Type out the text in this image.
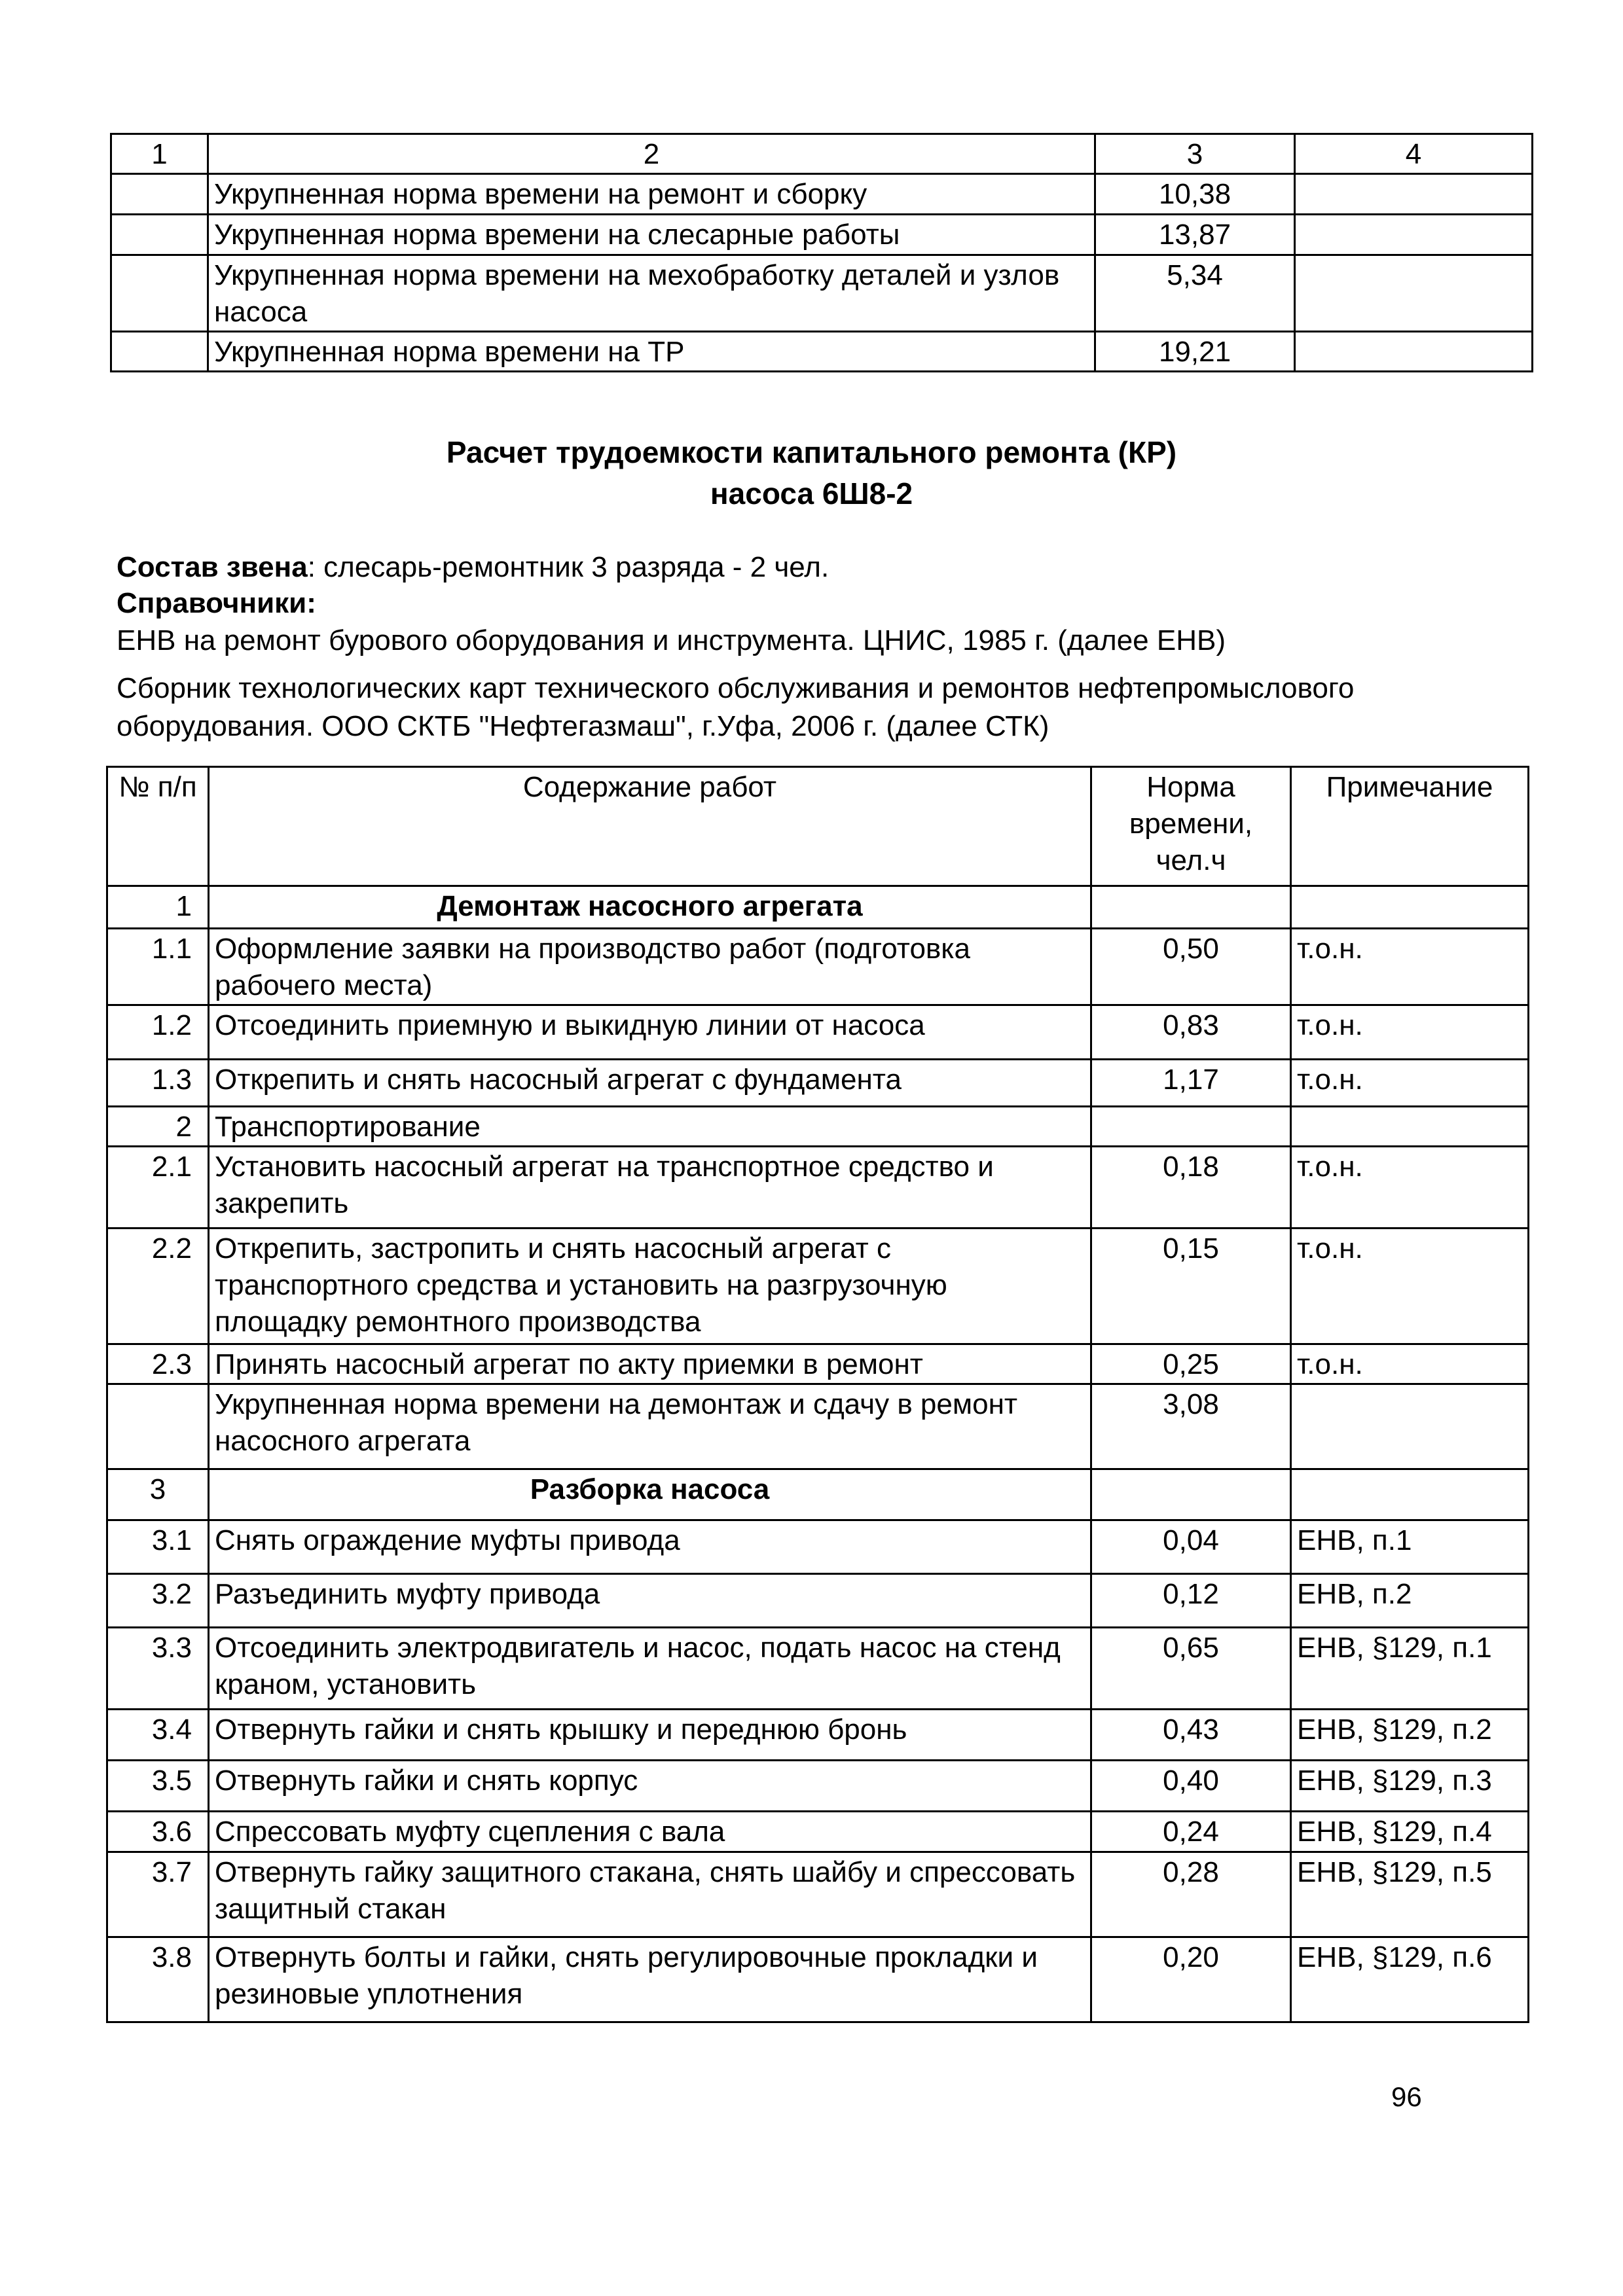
1	2	3	4
	Укрупненная норма времени на ремонт и сборку	10,38	
	Укрупненная норма времени на слесарные работы	13,87	
	Укрупненная норма времени на мехобработку деталей и узлов насоса	5,34	
	Укрупненная норма времени на ТР	19,21	
Расчет трудоемкости капитального ремонта (КР)
насоса 6Ш8-2
Состав звена: слесарь-ремонтник 3 разряда - 2 чел.
Справочники:
ЕНВ на ремонт бурового оборудования и инструмента. ЦНИС, 1985 г. (далее ЕНВ)
Сборник технологических карт технического обслуживания и ремонтов нефтепромыслового оборудования. ООО СКТБ "Нефтегазмаш", г.Уфа, 2006 г. (далее СТК)
№ п/п	Содержание работ	Норма времени, чел.ч	Примечание
1	Демонтаж насосного агрегата		
1.1	Оформление заявки на производство работ (подготовка рабочего места)	0,50	т.о.н.
1.2	Отсоединить приемную и выкидную линии от насоса	0,83	т.о.н.
1.3	Открепить и снять насосный агрегат с фундамента	1,17	т.о.н.
2	Транспортирование		
2.1	Установить насосный агрегат на транспортное средство и закрепить	0,18	т.о.н.
2.2	Открепить, застропить и снять насосный агрегат с транспортного средства и установить на разгрузочную площадку ремонтного производства	0,15	т.о.н.
2.3	Принять насосный агрегат по акту приемки в ремонт	0,25	т.о.н.
	Укрупненная норма времени на демонтаж и сдачу в ремонт насосного агрегата	3,08	
3	Разборка насоса		
3.1	Снять ограждение муфты привода	0,04	ЕНВ, п.1
3.2	Разъединить муфту привода	0,12	ЕНВ, п.2
3.3	Отсоединить электродвигатель и насос, подать насос на стенд краном, установить	0,65	ЕНВ, §129, п.1
3.4	Отвернуть гайки и снять крышку и переднюю бронь	0,43	ЕНВ, §129, п.2
3.5	Отвернуть гайки и снять корпус	0,40	ЕНВ, §129, п.3
3.6	Спрессовать муфту сцепления с вала	0,24	ЕНВ, §129, п.4
3.7	Отвернуть гайку защитного стакана, снять шайбу и спрессовать защитный стакан	0,28	ЕНВ, §129, п.5
3.8	Отвернуть болты и гайки, снять регулировочные прокладки и резиновые уплотнения	0,20	ЕНВ, §129, п.6
96
